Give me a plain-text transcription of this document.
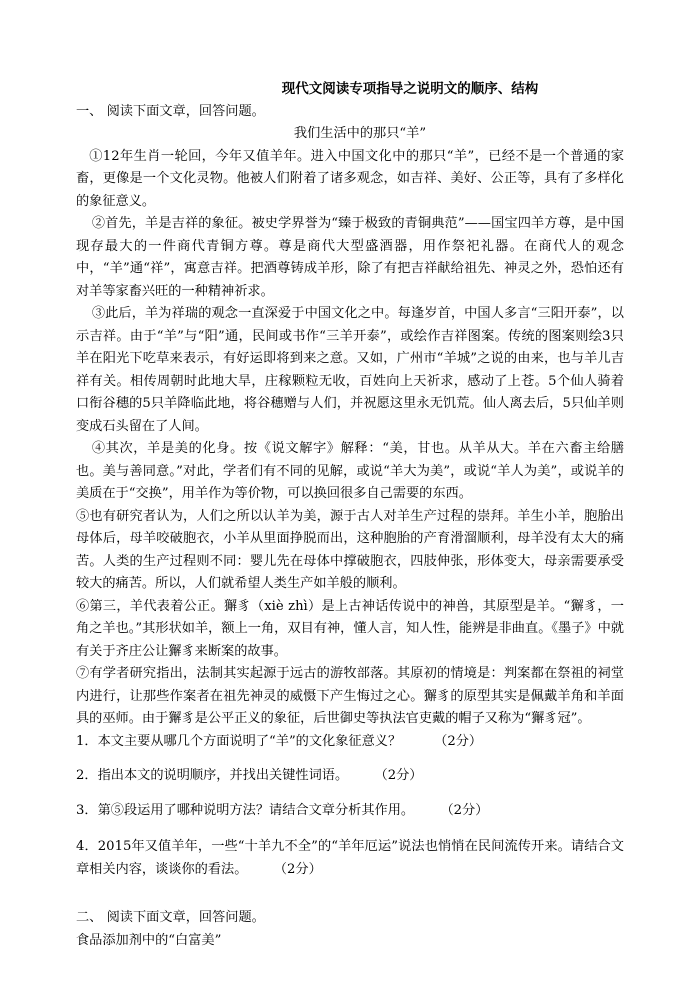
现代文阅读专项指导之说明文的顺序、结构
一、 阅读下面文章，回答问题。
我们生活中的那只“羊”
①12年生肖一轮回，今年又值羊年。进入中国文化中的那只“羊”，已经不是一个普通的家畜，更像是一个文化灵物。他被人们附着了诸多观念，如吉祥、美好、公正等，具有了多样化的象征意义。
②首先，羊是吉祥的象征。被史学界誉为“臻于极致的青铜典范”——国宝四羊方尊，是中国现存最大的一件商代青铜方尊。尊是商代大型盛酒器，用作祭祀礼器。在商代人的观念中，“羊”通“祥”，寓意吉祥。把酒尊铸成羊形，除了有把吉祥献给祖先、神灵之外，恐怕还有对羊等家畜兴旺的一种精神祈求。
③此后，羊为祥瑞的观念一直深爱于中国文化之中。每逢岁首，中国人多言“三阳开泰”，以示吉祥。由于“羊”与“阳”通，民间或书作“三羊开泰”，或绘作吉祥图案。传统的图案则绘3只羊在阳光下吃草来表示，有好运即将到来之意。又如，广州市“羊城”之说的由来，也与羊儿吉祥有关。相传周朝时此地大旱，庄稼颗粒无收，百姓向上天祈求，感动了上苍。5个仙人骑着口衔谷穗的5只羊降临此地，将谷穗赠与人们，并祝愿这里永无饥荒。仙人离去后，5只仙羊则变成石头留在了人间。
④其次，羊是美的化身。按《说文解字》解释：“美，甘也。从羊从大。羊在六畜主给膳也。美与善同意。”对此，学者们有不同的见解，或说“羊大为美”，或说“羊人为美”，或说羊的美质在于“交换”，用羊作为等价物，可以换回很多自己需要的东西。
⑤也有研究者认为，人们之所以认羊为美，源于古人对羊生产过程的崇拜。羊生小羊，胞胎出母体后，母羊咬破胞衣，小羊从里面挣脱而出，这种胞胎的产育滑溜顺利，母羊没有太大的痛苦。人类的生产过程则不同：婴儿先在母体中撑破胞衣，四肢伸张，形体变大，母亲需要承受较大的痛苦。所以，人们就希望人类生产如羊般的顺利。
⑥第三，羊代表着公正。獬豸（xiè zhì）是上古神话传说中的神兽，其原型是羊。“獬豸，一角之羊也。”其形状如羊，额上一角，双目有神，懂人言，知人性，能辨是非曲直。《墨子》中就有关于齐庄公让獬豸来断案的故事。
⑦有学者研究指出，法制其实起源于远古的游牧部落。其原初的情境是：判案都在祭祖的祠堂内进行，让那些作案者在祖先神灵的威慑下产生悔过之心。獬豸的原型其实是佩戴羊角和羊面具的巫师。由于獬豸是公平正义的象征，后世御史等执法官吏戴的帽子又称为“獬豸冠”。
1．本文主要从哪几个方面说明了“羊”的文化象征意义？　　　（2分）
2．指出本文的说明顺序，并找出关键性词语。　　　（2分）
3．第⑤段运用了哪种说明方法？请结合文章分析其作用。　　　（2分）
4．2015年又值羊年，一些“十羊九不全”的“羊年厄运”说法也悄悄在民间流传开来。请结合文章相关内容，谈谈你的看法。　　　（2分）
二、 阅读下面文章，回答问题。
食品添加剂中的“白富美”
